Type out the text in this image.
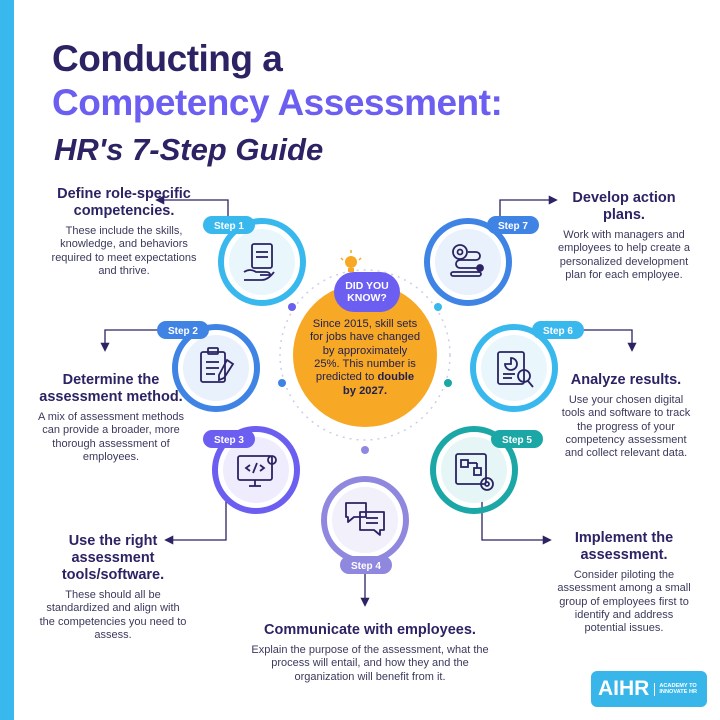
Conducting a
Competency Assessment:
HR's 7-Step Guide
Step 1
Step 2
Step 3
Step 4
Step 5
Step 6
Step 7
Since 2015, skill sets for jobs have changed by approximately 25%. This number is predicted to double by 2027.
DID YOU KNOW?
Define role-specific competencies.
These include the skills, knowledge, and behaviors required to meet expectations and thrive.
Determine the assessment method.
A mix of assessment methods can provide a broader, more thorough assessment of employees.
Use the right assessment tools/software.
These should all be standardized and align with the competencies you need to assess.	Communicate with employees.
Explain the purpose of the assessment, what the process will entail, and how they and the organization will benefit from it.
Implement the assessment.
Consider piloting the assessment among a small group of employees first to identify and address potential issues.
Analyze results.
Use your chosen digital tools and software to track the progress of your competency assessment and collect relevant data.
Develop action plans.
Work with managers and employees to help create a personalized development plan for each employee.
AIHR	ACADEMY TO INNOVATE HR
